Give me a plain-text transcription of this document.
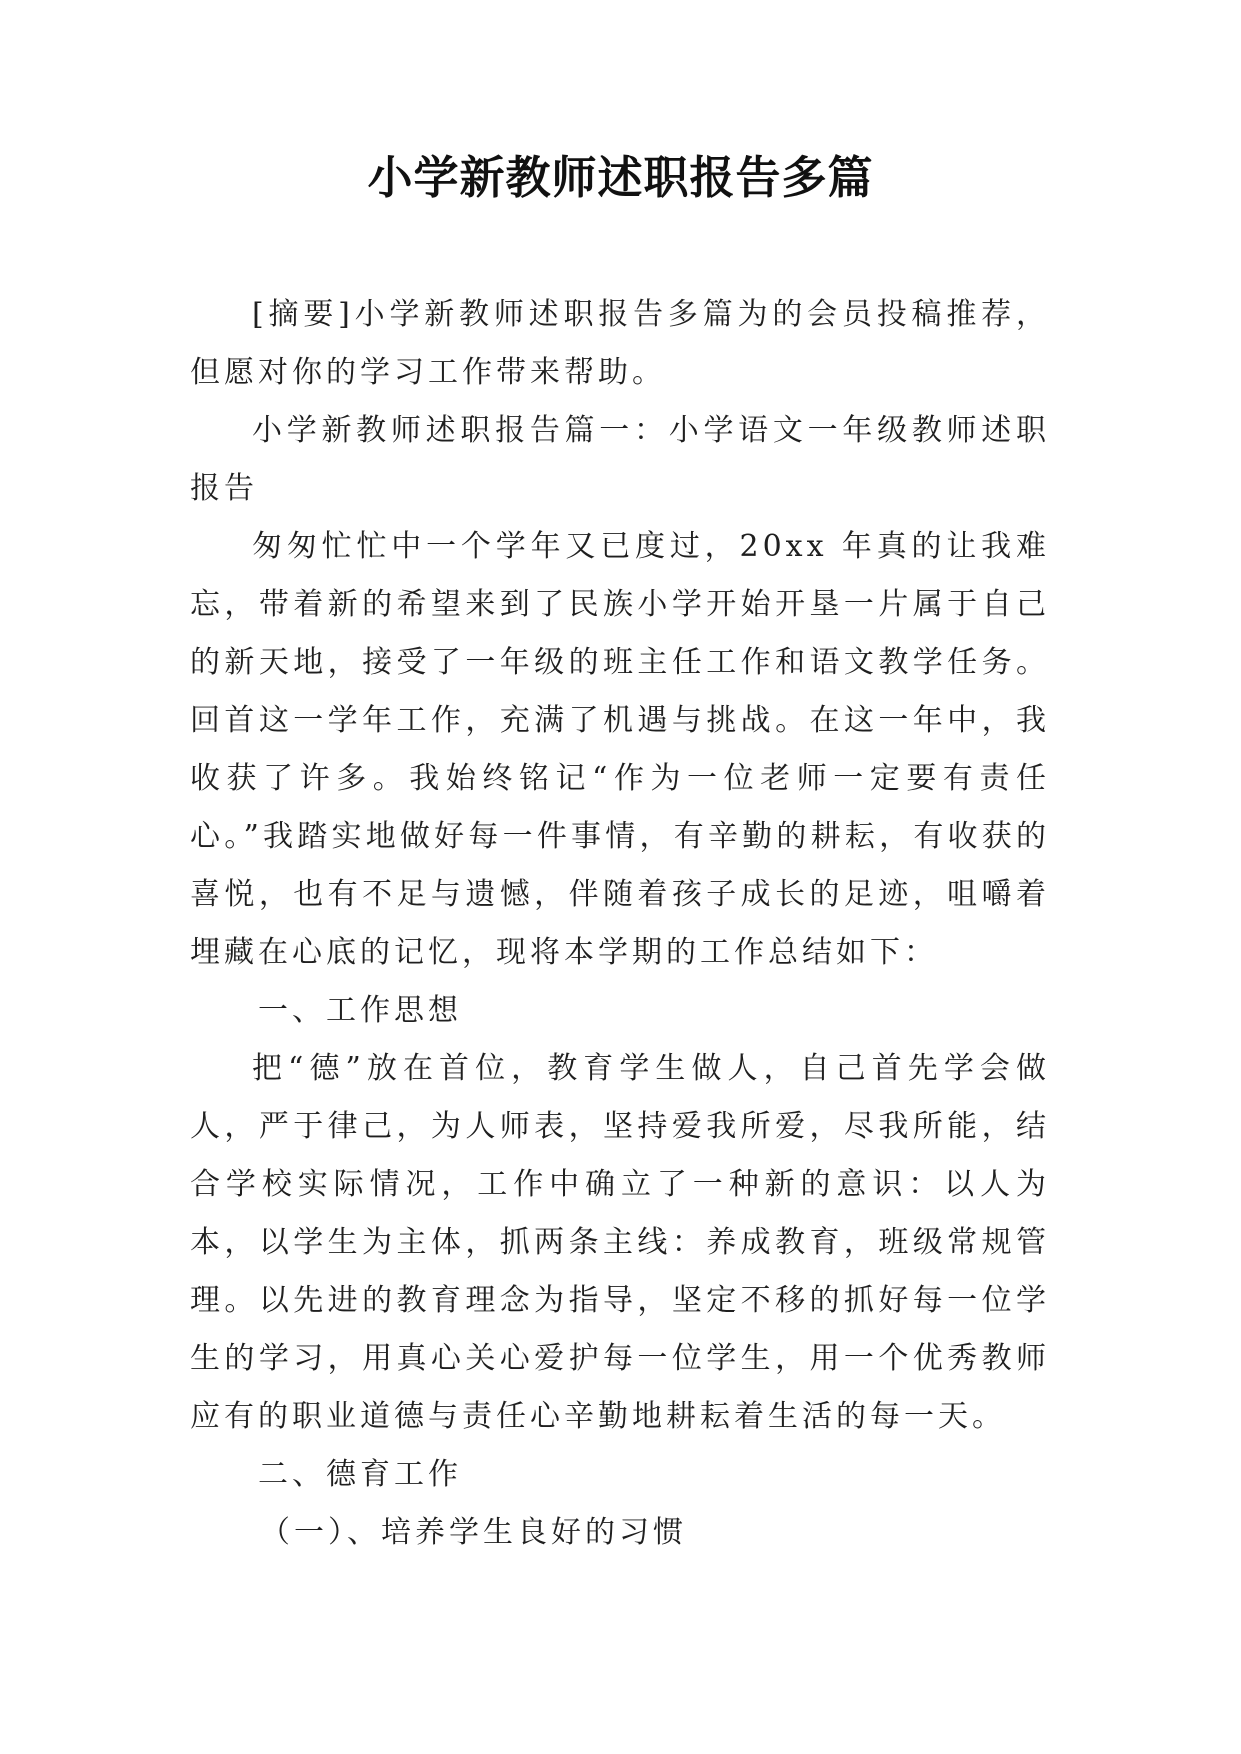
小学新教师述职报告多篇

[摘要]小学新教师述职报告多篇为的会员投稿推荐，但愿对你的学习工作带来帮助。

小学新教师述职报告篇一：小学语文一年级教师述职报告

匆匆忙忙中一个学年又已度过，20xx 年真的让我难忘，带着新的希望来到了民族小学开始开垦一片属于自己的新天地，接受了一年级的班主任工作和语文教学任务。回首这一学年工作，充满了机遇与挑战。在这一年中，我收获了许多。我始终铭记“作为一位老师一定要有责任心。”我踏实地做好每一件事情，有辛勤的耕耘，有收获的喜悦，也有不足与遗憾，伴随着孩子成长的足迹，咀嚼着埋藏在心底的记忆，现将本学期的工作总结如下：

一、工作思想

把“德”放在首位，教育学生做人，自己首先学会做人，严于律己，为人师表，坚持爱我所爱，尽我所能，结合学校实际情况，工作中确立了一种新的意识：以人为本，以学生为主体，抓两条主线：养成教育，班级常规管理。以先进的教育理念为指导，坚定不移的抓好每一位学生的学习，用真心关心爱护每一位学生，用一个优秀教师应有的职业道德与责任心辛勤地耕耘着生活的每一天。

二、德育工作

（一）、培养学生良好的习惯
